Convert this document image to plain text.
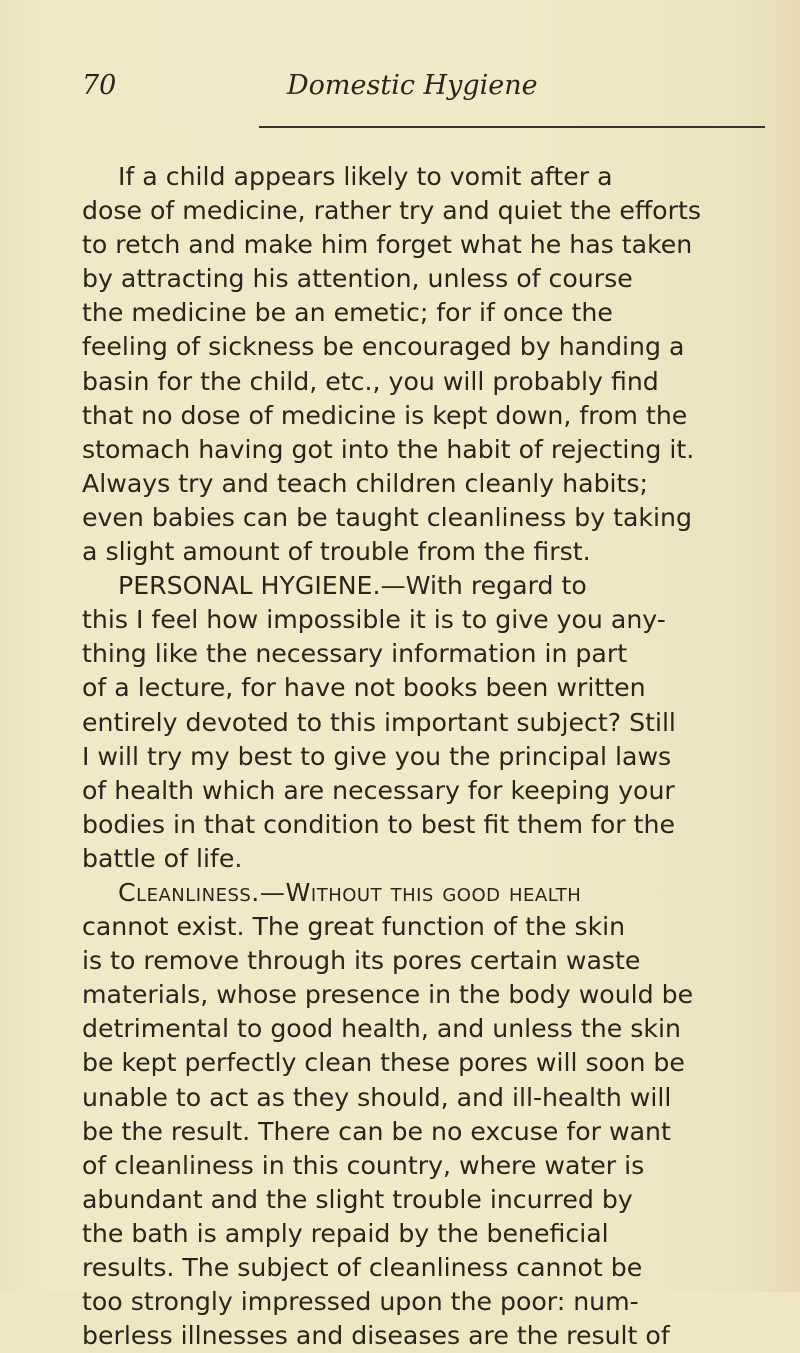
70	Domestic Hygiene
If a child appears likely to vomit after a
dose of medicine, rather try and quiet the efforts
to retch and make him forget what he has taken
by attracting his attention, unless of course
the medicine be an emetic; for if once the
feeling of sickness be encouraged by handing a
basin for the child, etc., you will probably find
that no dose of medicine is kept down, from the
stomach having got into the habit of rejecting it.
Always try and teach children cleanly habits;
even babies can be taught cleanliness by taking
a slight amount of trouble from the first.
PERSONAL HYGIENE.—With regard to
this I feel how impossible it is to give you any-
thing like the necessary information in part
of a lecture, for have not books been written
entirely devoted to this important subject? Still
I will try my best to give you the principal laws
of health which are necessary for keeping your
bodies in that condition to best fit them for the
battle of life.
Cleanliness.—Without this good health
cannot exist. The great function of the skin
is to remove through its pores certain waste
materials, whose presence in the body would be
detrimental to good health, and unless the skin
be kept perfectly clean these pores will soon be
unable to act as they should, and ill-health will
be the result. There can be no excuse for want
of cleanliness in this country, where water is
abundant and the slight trouble incurred by
the bath is amply repaid by the beneficial
results. The subject of cleanliness cannot be
too strongly impressed upon the poor: num-
berless illnesses and diseases are the result of
